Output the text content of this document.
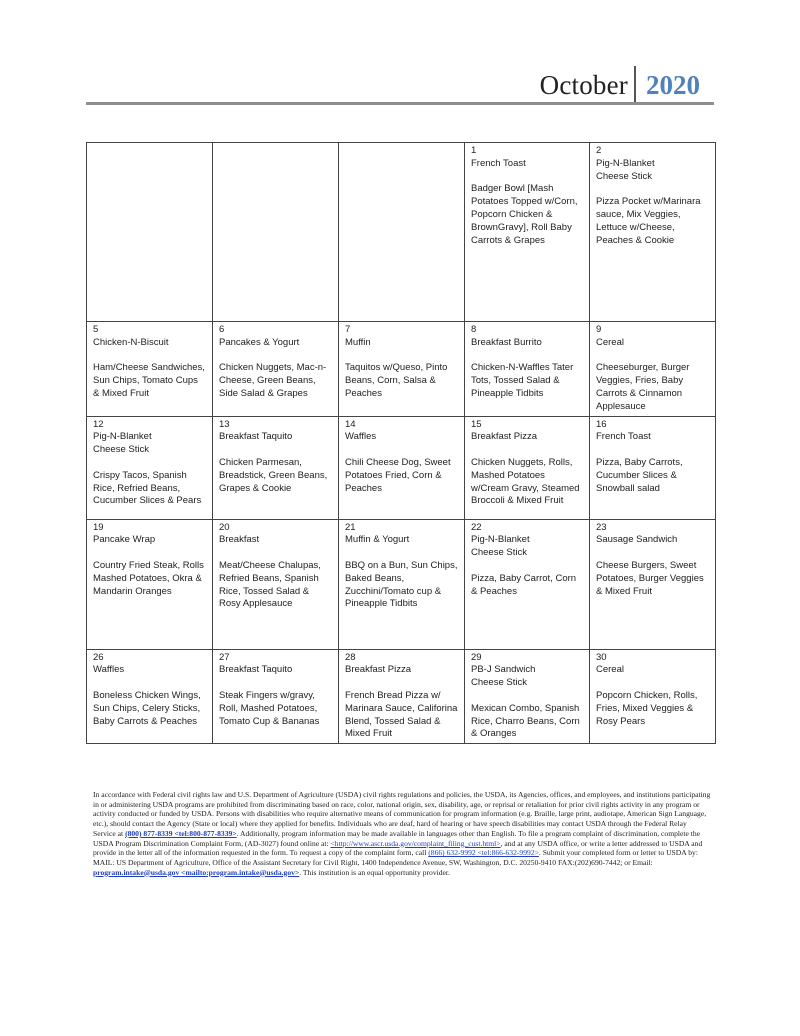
October 2020

			1
French Toast
Badger Bowl [Mash Potatoes Topped w/Corn, Popcorn Chicken & BrownGravy], Roll Baby Carrots & Grapes	2
Pig-N-Blanket
Cheese Stick
Pizza Pocket w/Marinara sauce, Mix Veggies, Lettuce w/Cheese, Peaches & Cookie

5
Chicken-N-Biscuit
Ham/Cheese Sandwiches, Sun Chips, Tomato Cups & Mixed Fruit	6
Pancakes & Yogurt
Chicken Nuggets, Mac-n-Cheese, Green Beans, Side Salad & Grapes	7
Muffin
Taquitos w/Queso, Pinto Beans, Corn, Salsa & Peaches	8
Breakfast Burrito
Chicken-N-Waffles Tater Tots, Tossed Salad & Pineapple Tidbits	9
Cereal
Cheeseburger, Burger Veggies, Fries, Baby Carrots & Cinnamon Applesauce

12
Pig-N-Blanket
Cheese Stick
Crispy Tacos, Spanish Rice, Refried Beans, Cucumber Slices & Pears	13
Breakfast Taquito
Chicken Parmesan, Breadstick, Green Beans, Grapes & Cookie	14
Waffles
Chili Cheese Dog, Sweet Potatoes Fried, Corn & Peaches	15
Breakfast Pizza
Chicken Nuggets, Rolls, Mashed Potatoes w/Cream Gravy, Steamed Broccoli & Mixed Fruit	16
French Toast
Pizza, Baby Carrots, Cucumber Slices & Snowball salad

19
Pancake Wrap
Country Fried Steak, Rolls Mashed Potatoes, Okra & Mandarin Oranges	20
Breakfast
Meat/Cheese Chalupas, Refried Beans, Spanish Rice, Tossed Salad & Rosy Applesauce	21
Muffin & Yogurt
BBQ on a Bun, Sun Chips, Baked Beans, Zucchini/Tomato cup & Pineapple Tidbits	22
Pig-N-Blanket
Cheese Stick
Pizza, Baby Carrot, Corn & Peaches	23
Sausage Sandwich
Cheese Burgers, Sweet Potatoes, Burger Veggies & Mixed Fruit

26
Waffles
Boneless Chicken Wings, Sun Chips, Celery Sticks, Baby Carrots & Peaches	27
Breakfast Taquito
Steak Fingers w/gravy, Roll, Mashed Potatoes, Tomato Cup & Bananas	28
Breakfast Pizza
French Bread Pizza w/ Marinara Sauce, Califorina Blend, Tossed Salad & Mixed Fruit	29
PB-J Sandwich
Cheese Stick
Mexican Combo, Spanish Rice, Charro Beans, Corn & Oranges	30
Cereal
Popcorn Chicken, Rolls, Fries, Mixed Veggies & Rosy Pears
In accordance with Federal civil rights law and U.S. Department of Agriculture (USDA) civil rights regulations and policies, the USDA, its Agencies, offices, and employees, and institutions participating in or administering USDA programs are prohibited from discriminating based on race, color, national origin, sex, disability, age, or reprisal or retaliation for prior civil rights activity in any program or activity conducted or funded by USDA. Persons with disabilities who require alternative means of communication for program information (e.g. Braille, large print, audiotape, American Sign Language, etc.), should contact the Agency (State or local) where they applied for benefits. Individuals who are deaf, hard of hearing or have speech disabilities may contact USDA through the Federal Relay Service at (800) 877-8339 <tel:800-877-8339>. Additionally, program information may be made available in languages other than English. To file a program complaint of discrimination, complete the USDA Program Discrimination Complaint Form, (AD-3027) found online at: <http://www.ascr.usda.gov/complaint_filing_cust.html>, and at any USDA office, or write a letter addressed to USDA and provide in the letter all of the information requested in the form. To request a copy of the complaint form, call (866) 632-9992 <tel:866-632-9992>. Submit your completed form or letter to USDA by: MAIL: US Department of Agriculture, Office of the Assistant Secretary for Civil Right, 1400 Independence Avenue, SW, Washington, D.C. 20250-9410 FAX:(202)690-7442; or Email: program.intake@usda.gov <mailto:program.intake@usda.gov>. This institution is an equal opportunity provider.
